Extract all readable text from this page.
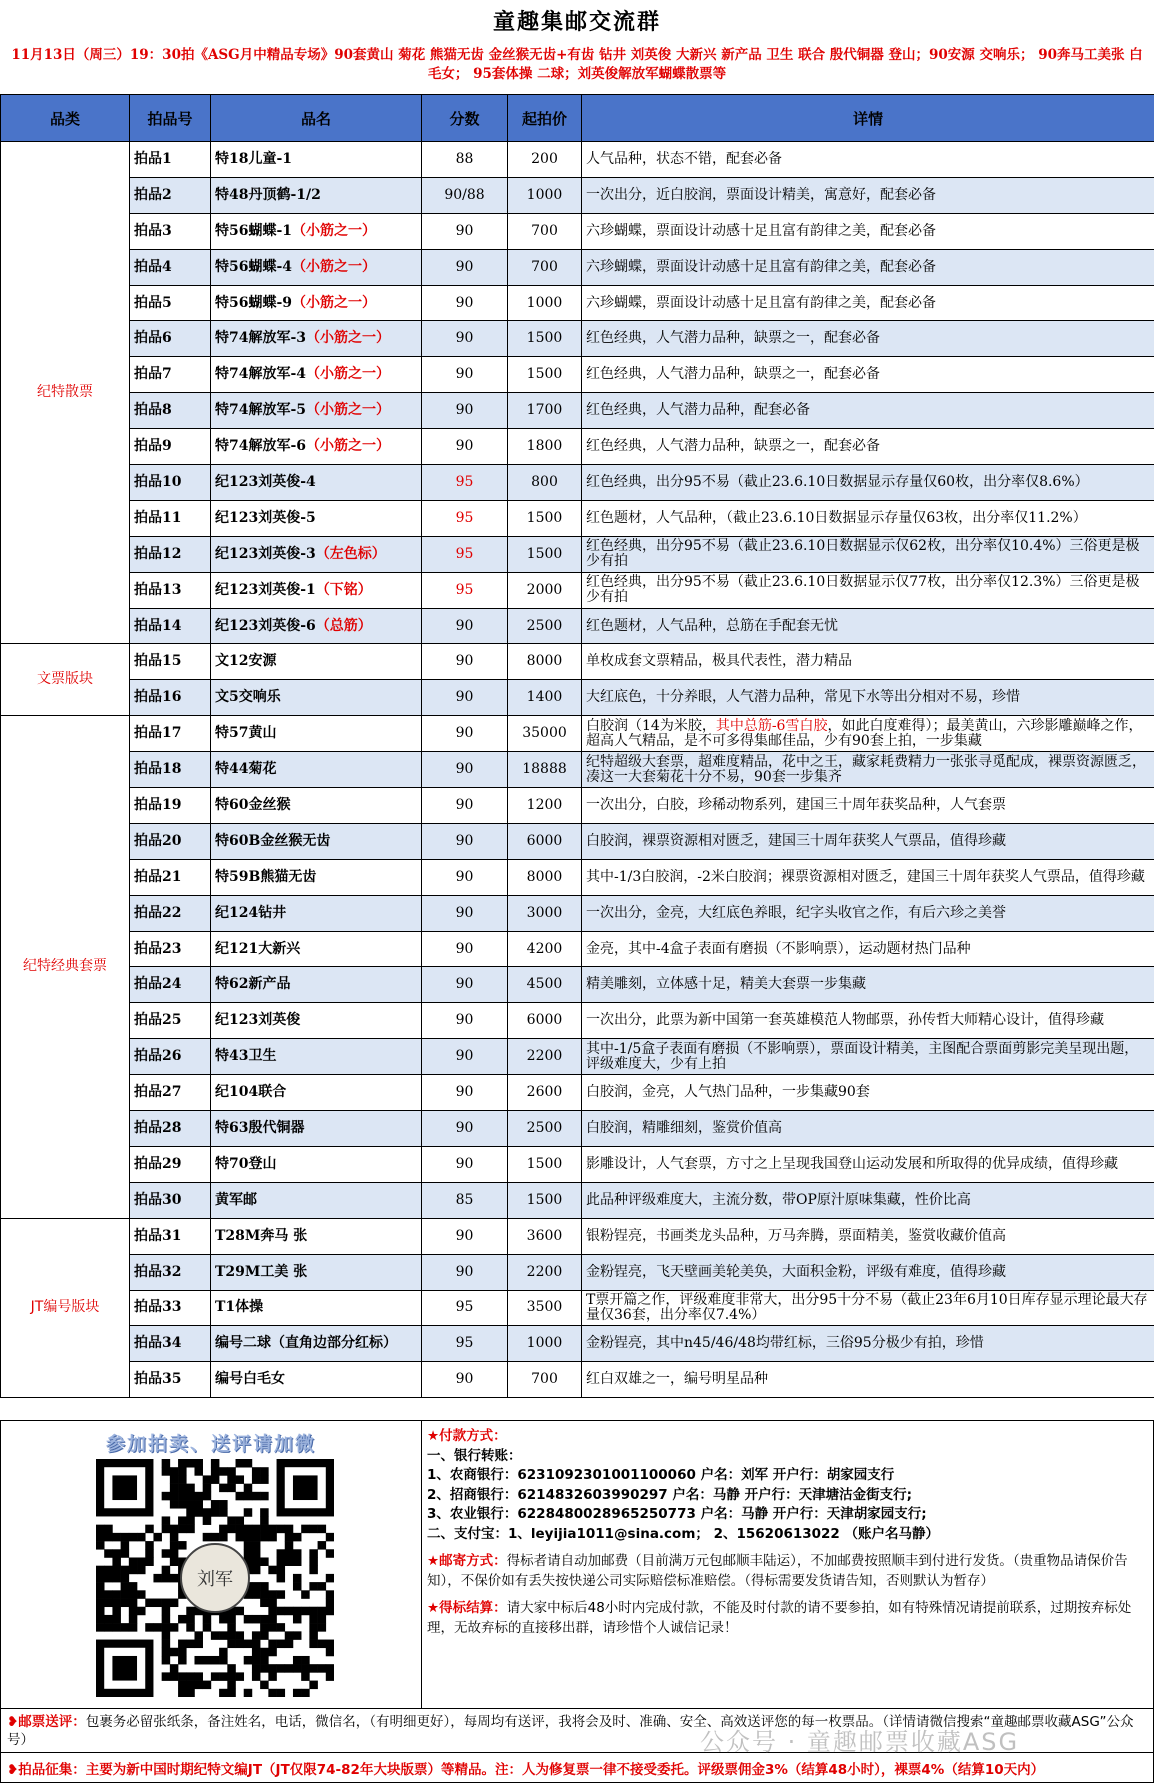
童趣集邮交流群
11月13日（周三）19：30拍《ASG月中精品专场》90套黄山 菊花 熊猫无齿 金丝猴无齿+有齿 钻井 刘英俊 大新兴 新产品 卫生 联合 殷代铜器 登山；90安源 交响乐； 90奔马工美张 白毛女； 95套体操 二球；刘英俊解放军蝴蝶散票等
品类	拍品号	品名	分数	起拍价	详情
纪特散票	拍品1	特18儿童-1	88	200	人气品种，状态不错，配套必备
	拍品2	特48丹顶鹤-1/2	90/88	1000	一次出分，近白胶润，票面设计精美，寓意好，配套必备
	拍品3	特56蝴蝶-1（小筋之一）	90	700	六珍蝴蝶，票面设计动感十足且富有韵律之美，配套必备
	拍品4	特56蝴蝶-4（小筋之一）	90	700	六珍蝴蝶，票面设计动感十足且富有韵律之美，配套必备
	拍品5	特56蝴蝶-9（小筋之一）	90	1000	六珍蝴蝶，票面设计动感十足且富有韵律之美，配套必备
	拍品6	特74解放军-3（小筋之一）	90	1500	红色经典，人气潜力品种，缺票之一，配套必备
	拍品7	特74解放军-4（小筋之一）	90	1500	红色经典，人气潜力品种，缺票之一，配套必备
	拍品8	特74解放军-5（小筋之一）	90	1700	红色经典，人气潜力品种，配套必备
	拍品9	特74解放军-6（小筋之一）	90	1800	红色经典，人气潜力品种，缺票之一，配套必备
	拍品10	纪123刘英俊-4	95	800	红色经典，出分95不易（截止23.6.10日数据显示存量仅60枚，出分率仅8.6%）
	拍品11	纪123刘英俊-5	95	1500	红色题材，人气品种，（截止23.6.10日数据显示存量仅63枚，出分率仅11.2%）
	拍品12	纪123刘英俊-3（左色标）	95	1500	红色经典，出分95不易（截止23.6.10日数据显示仅62枚，出分率仅10.4%）三俗更是极少有拍
	拍品13	纪123刘英俊-1（下铭）	95	2000	红色经典，出分95不易（截止23.6.10日数据显示仅77枚，出分率仅12.3%）三俗更是极少有拍
	拍品14	纪123刘英俊-6（总筋）	90	2500	红色题材，人气品种，总筋在手配套无忧
文票版块	拍品15	文12安源	90	8000	单枚成套文票精品，极具代表性，潜力精品
	拍品16	文5交响乐	90	1400	大红底色，十分养眼，人气潜力品种，常见下水等出分相对不易，珍惜
纪特经典套票	拍品17	特57黄山	90	35000	白胶润（14为米胶，其中总筋-6雪白胶，如此白度难得）；最美黄山，六珍影雕巅峰之作，超高人气精品，是不可多得集邮佳品，少有90套上拍，一步集藏
	拍品18	特44菊花	90	18888	纪特超级大套票，超难度精品，花中之王，藏家耗费精力一张张寻觅配成，裸票资源匮乏，凑这一大套菊花十分不易，90套一步集齐
	拍品19	特60金丝猴	90	1200	一次出分，白胶，珍稀动物系列，建国三十周年获奖品种，人气套票
	拍品20	特60B金丝猴无齿	90	6000	白胶润，裸票资源相对匮乏，建国三十周年获奖人气票品，值得珍藏
	拍品21	特59B熊猫无齿	90	8000	其中-1/3白胶润，-2米白胶润；裸票资源相对匮乏，建国三十周年获奖人气票品，值得珍藏
	拍品22	纪124钻井	90	3000	一次出分，金亮，大红底色养眼，纪字头收官之作，有后六珍之美誉
	拍品23	纪121大新兴	90	4200	金亮，其中-4盒子表面有磨损（不影响票），运动题材热门品种
	拍品24	特62新产品	90	4500	精美雕刻，立体感十足，精美大套票一步集藏
	拍品25	纪123刘英俊	90	6000	一次出分，此票为新中国第一套英雄模范人物邮票，孙传哲大师精心设计，值得珍藏
	拍品26	特43卫生	90	2200	其中-1/5盒子表面有磨损（不影响票），票面设计精美，主图配合票面剪影完美呈现出题，评级难度大，少有上拍
	拍品27	纪104联合	90	2600	白胶润，金亮，人气热门品种，一步集藏90套
	拍品28	特63殷代铜器	90	2500	白胶润，精雕细刻，鉴赏价值高
	拍品29	特70登山	90	1500	影雕设计，人气套票，方寸之上呈现我国登山运动发展和所取得的优异成绩，值得珍藏
	拍品30	黄军邮	85	1500	此品种评级难度大，主流分数，带OP原汁原味集藏，性价比高
JT编号版块	拍品31	T28M奔马 张	90	3600	银粉锃亮，书画类龙头品种，万马奔腾，票面精美，鉴赏收藏价值高
	拍品32	T29M工美 张	90	2200	金粉锃亮，飞天壁画美轮美奂，大面积金粉，评级有难度，值得珍藏
	拍品33	T1体操	95	3500	T票开篇之作，评级难度非常大，出分95十分不易（截止23年6月10日库存显示理论最大存量仅36套，出分率仅7.4%）
	拍品34	编号二球（直角边部分红标）	95	1000	金粉锃亮，其中n45/46/48均带红标，三俗95分极少有拍，珍惜
	拍品35	编号白毛女	90	700	红白双雄之一，编号明星品种
参加拍卖、送评请加微
刘军
★付款方式：
一、银行转账：
1、农商银行：6231092301001100060 户名：刘军 开户行：胡家园支行
2、招商银行：6214832603990297 户名：马静 开户行：天津塘沽金街支行;
3、农业银行：6228480028965250773 户名：马静 开户行：天津胡家园支行;
二、支付宝：1、leyijia1011@sina.com； 2、15620613022 （账户名马静）
★邮寄方式：得标者请自动加邮费（目前满万元包邮顺丰陆运），不加邮费按照顺丰到付进行发货。（贵重物品请保价告知），不保价如有丢失按快递公司实际赔偿标准赔偿。（得标需要发货请告知，否则默认为暂存）
★得标结算：请大家中标后48小时内完成付款，不能及时付款的请不要参拍，如有特殊情况请提前联系，过期按弃标处理，无故弃标的直接移出群，请珍惜个人诚信记录！
❥邮票送评：包裹务必留张纸条，备注姓名，电话，微信名，（有明细更好），每周均有送评，我将会及时、准确、安全、高效送评您的每一枚票品。（详情请微信搜索“童趣邮票收藏ASG”公众号）
❥拍品征集：主要为新中国时期纪特文编JT（JT仅限74-82年大块版票）等精品。注：人为修复票一律不接受委托。评级票佣金3%（结算48小时），裸票4%（结算10天内）
公众号 · 童趣邮票收藏ASG
